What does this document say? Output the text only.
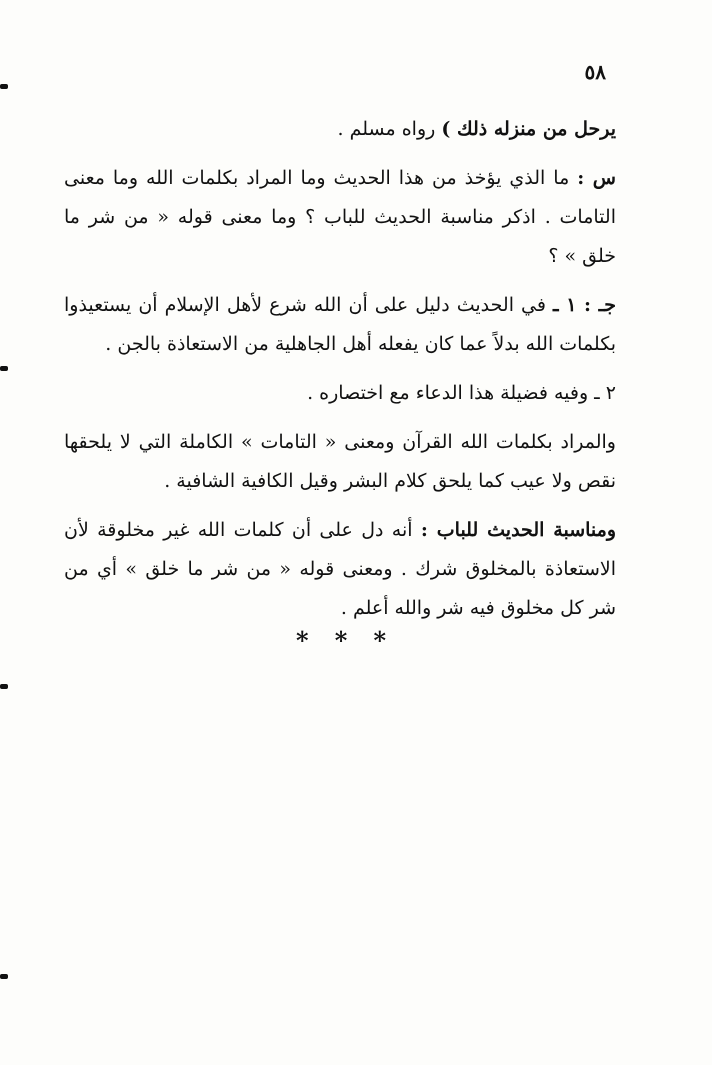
٥٨

يرحل من منزله ذلك ) رواه مسلم .

س : ما الذي يؤخذ من هذا الحديث وما المراد بكلمات الله وما معنى التامات . اذكر مناسبة الحديث للباب ؟ وما معنى قوله « من شر ما خلق » ؟

جـ : ١ ـ في الحديث دليل على أن الله شرع لأهل الإسلام أن يستعيذوا بكلمات الله بدلاً عما كان يفعله أهل الجاهلية من الاستعاذة بالجن .

٢ ـ وفيه فضيلة هذا الدعاء مع اختصاره .

والمراد بكلمات الله القرآن ومعنى « التامات » الكاملة التي لا يلحقها نقص ولا عيب كما يلحق كلام البشر وقيل الكافية الشافية .

ومناسبة الحديث للباب : أنه دل على أن كلمات الله غير مخلوقة لأن الاستعاذة بالمخلوق شرك . ومعنى قوله « من شر ما خلق » أي من شر كل مخلوق فيه شر والله أعلم .

* * *
